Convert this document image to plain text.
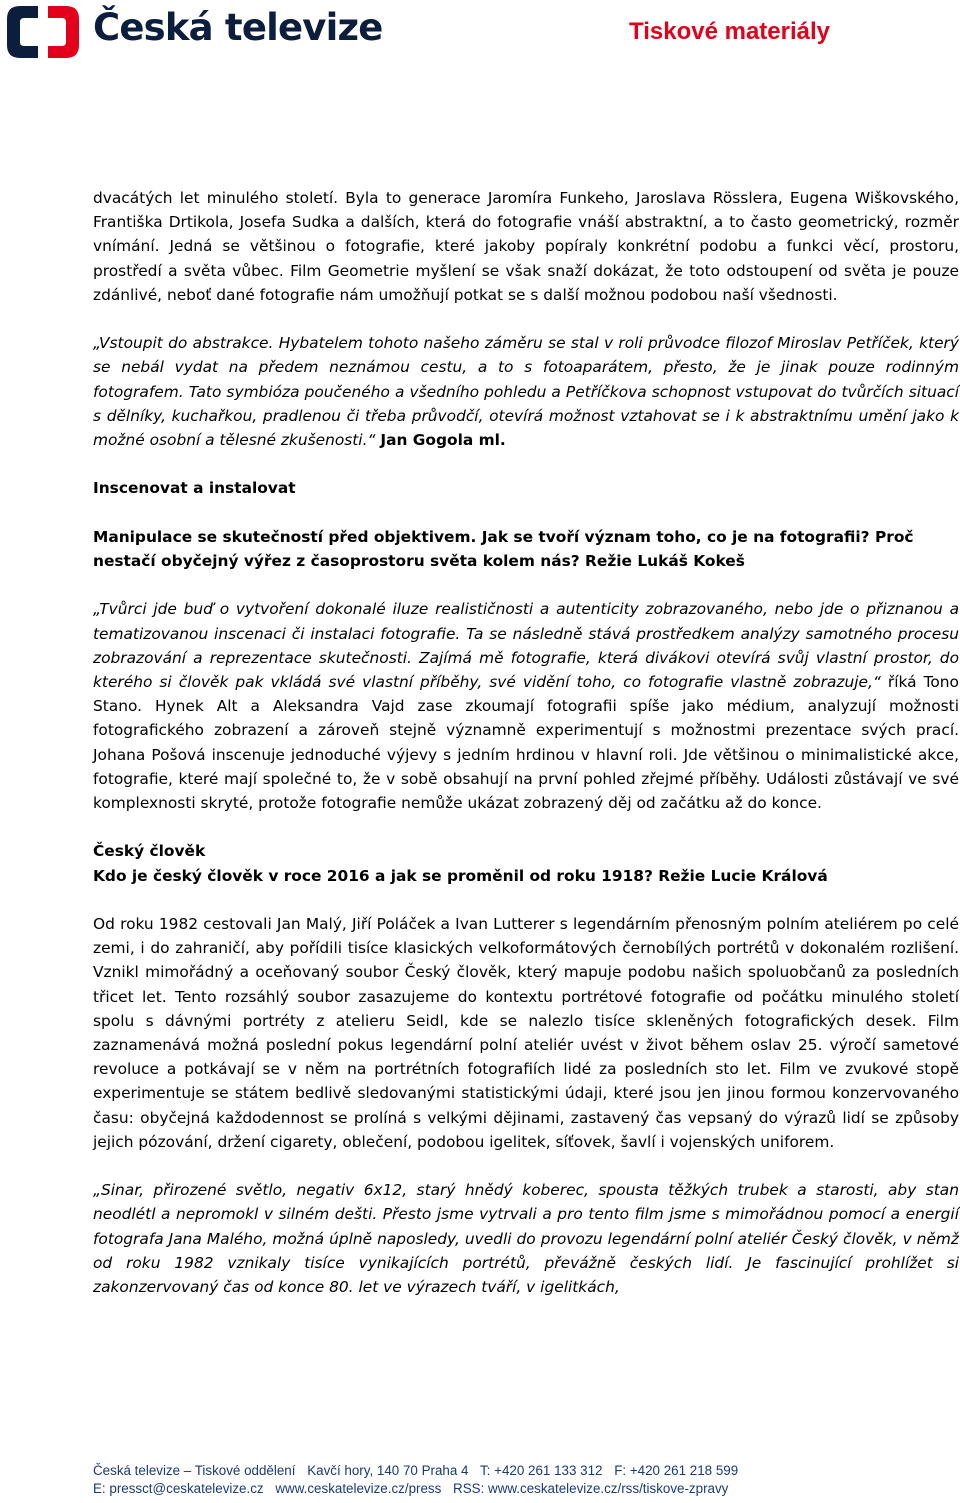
Česká televize	Tiskové materiály

dvacátých let minulého století. Byla to generace Jaromíra Funkeho, Jaroslava Rösslera, Eugena Wiškovského, Františka Drtikola, Josefa Sudka a dalších, která do fotografie vnáší abstraktní, a to často geometrický, rozměr vnímání. Jedná se většinou o fotografie, které jakoby popíraly konkrétní podobu a funkci věcí, prostoru, prostředí a světa vůbec. Film Geometrie myšlení se však snaží dokázat, že toto odstoupení od světa je pouze zdánlivé, neboť dané fotografie nám umožňují potkat se s další možnou podobou naší všednosti.

„Vstoupit do abstrakce. Hybatelem tohoto našeho záměru se stal v roli průvodce filozof Miroslav Petříček, který se nebál vydat na předem neznámou cestu, a to s fotoaparátem, přesto, že je jinak pouze rodinným fotografem. Tato symbióza poučeného a všedního pohledu a Petříčkova schopnost vstupovat do tvůrčích situací s dělníky, kuchařkou, pradlenou či třeba průvodčí, otevírá možnost vztahovat se i k abstraktnímu umění jako k možné osobní a tělesné zkušenosti.“ Jan Gogola ml.

Inscenovat a instalovat
Manipulace se skutečností před objektivem. Jak se tvoří význam toho, co je na fotografii? Proč nestačí obyčejný výřez z časoprostoru světa kolem nás? Režie Lukáš Kokeš

„Tvůrci jde buď o vytvoření dokonalé iluze realističnosti a autenticity zobrazovaného, nebo jde o přiznanou a tematizovanou inscenaci či instalaci fotografie. Ta se následně stává prostředkem analýzy samotného procesu zobrazování a reprezentace skutečnosti. Zajímá mě fotografie, která divákovi otevírá svůj vlastní prostor, do kterého si člověk pak vkládá své vlastní příběhy, své vidění toho, co fotografie vlastně zobrazuje,“ říká Tono Stano. Hynek Alt a Aleksandra Vajd zase zkoumají fotografii spíše jako médium, analyzují možnosti fotografického zobrazení a zároveň stejně významně experimentují s možnostmi prezentace svých prací. Johana Pošová inscenuje jednoduché výjevy s jedním hrdinou v hlavní roli. Jde většinou o minimalistické akce, fotografie, které mají společné to, že v sobě obsahují na první pohled zřejmé příběhy. Události zůstávají ve své komplexnosti skryté, protože fotografie nemůže ukázat zobrazený děj od začátku až do konce.

Český člověk
Kdo je český člověk v roce 2016 a jak se proměnil od roku 1918? Režie Lucie Králová

Od roku 1982 cestovali Jan Malý, Jiří Poláček a Ivan Lutterer s legendárním přenosným polním ateliérem po celé zemi, i do zahraničí, aby pořídili tisíce klasických velkoformátových černobílých portrétů v dokonalém rozlišení. Vznikl mimořádný a oceňovaný soubor Český člověk, který mapuje podobu našich spoluobčanů za posledních třicet let. Tento rozsáhlý soubor zasazujeme do kontextu portrétové fotografie od počátku minulého století spolu s dávnými portréty z atelieru Seidl, kde se nalezlo tisíce skleněných fotografických desek. Film zaznamenává možná poslední pokus legendární polní ateliér uvést v život během oslav 25. výročí sametové revoluce a potkávají se v něm na portrétních fotografiích lidé za posledních sto let. Film ve zvukové stopě experimentuje se státem bedlivě sledovanými statistickými údaji, které jsou jen jinou formou konzervovaného času: obyčejná každodennost se prolíná s velkými dějinami, zastavený čas vepsaný do výrazů lidí se způsoby jejich pózování, držení cigarety, oblečení, podobou igelitek, síťovek, šavlí i vojenských uniforem.

„Sinar, přirozené světlo, negativ 6x12, starý hnědý koberec, spousta těžkých trubek a starosti, aby stan neodlétl a nepromokl v silném dešti. Přesto jsme vytrvali a pro tento film jsme s mimořádnou pomocí a energií fotografa Jana Malého, možná úplně naposledy, uvedli do provozu legendární polní ateliér Český člověk, v němž od roku 1982 vznikaly tisíce vynikajících portrétů, převážně českých lidí. Je fascinující prohlížet si zakonzervovaný čas od konce 80. let ve výrazech tváří, v igelitkách,

Česká televize – Tiskové oddělení Kavčí hory, 140 70 Praha 4 T: +420 261 133 312 F: +420 261 218 599
E: pressct@ceskatelevize.cz www.ceskatelevize.cz/press RSS: www.ceskatelevize.cz/rss/tiskove-zpravy
